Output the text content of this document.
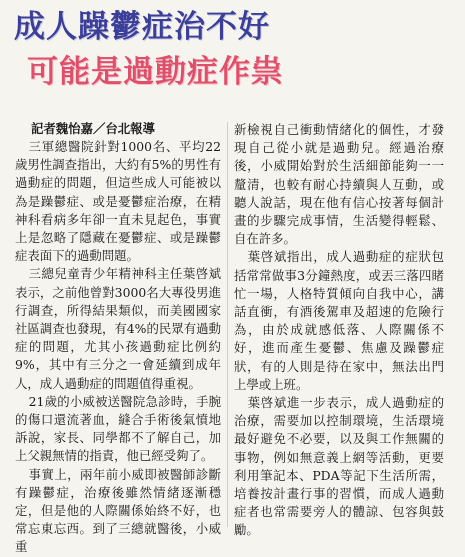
成人躁鬱症治不好
可能是過動症作祟
記者魏怡嘉／台北報導
三軍總醫院針對1000名、平均22歲男性調查指出，大約有5%的男性有過動症的問題，但這些成人可能被以為是躁鬱症、或是憂鬱症治療，在精神科看病多年卻一直未見起色，事實上是忽略了隱藏在憂鬱症、或是躁鬱症表面下的過動問題。
三總兒童青少年精神科主任葉啓斌表示，之前他曾對3000名大專役男進行調查，所得結果類似，而美國國家社區調查也發現，有4%的民眾有過動症的問題，尤其小孩過動症比例約9%，其中有三分之一會延續到成年人，成人過動症的問題值得重視。
21歲的小威被送醫院急診時，手腕的傷口還流著血，縫合手術後氣憤地訴說，家長、同學都不了解自己，加上父親無情的指責，他已經受夠了。
事實上，兩年前小威即被醫師診斷有躁鬱症，治療後雖然情緒逐漸穩定，但是他的人際關係始終不好，也常忘東忘西。到了三總就醫後，小威重
新檢視自己衝動情緒化的個性，才發現自己從小就是過動兒。經過治療後，小威開始對於生活細節能夠一一釐清，也較有耐心持續與人互動，或聽人說話，現在他有信心按著每個計畫的步驟完成事情，生活變得輕鬆、自在許多。
葉啓斌指出，成人過動症的症狀包括常常做事3分鐘熱度，或丟三落四睹忙一場，人格特質傾向自我中心，講話直衝，有酒後駕車及超速的危險行為，由於成就感低落、人際關係不好，進而產生憂鬱、焦慮及躁鬱症狀，有的人則是待在家中，無法出門上學或上班。
葉啓斌進一步表示，成人過動症的治療，需要加以控制環境，生活環境最好避免不必要，以及與工作無關的事物，例如無意義上網等活動，更要利用筆記本、PDA等記下生活所需，培養按計畫行事的習慣，而成人過動症者也常需要旁人的體諒、包容與鼓勵。
